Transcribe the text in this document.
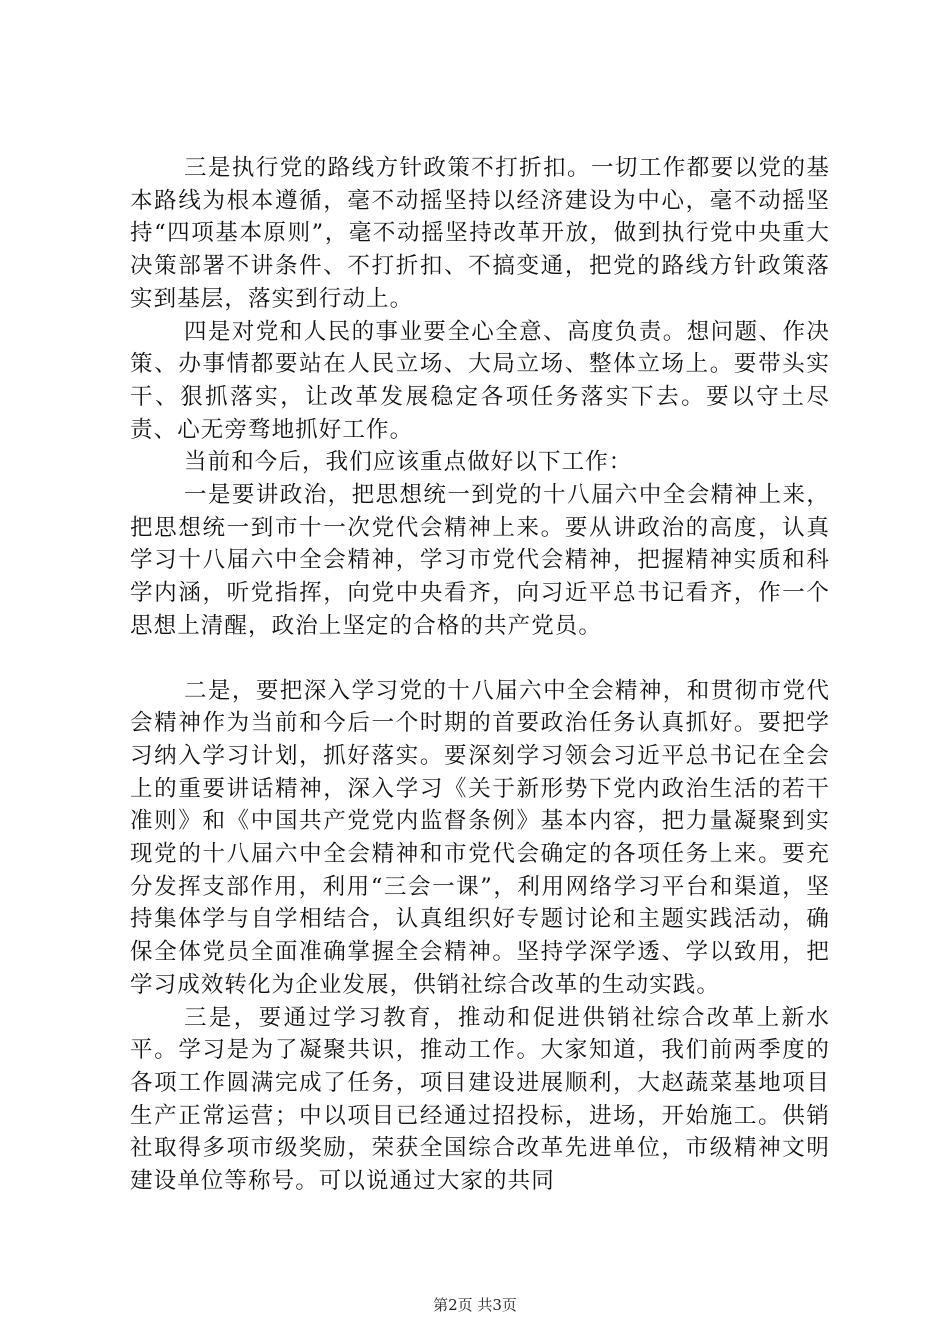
三是执行党的路线方针政策不打折扣。一切工作都要以党的基本路线为根本遵循，毫不动摇坚持以经济建设为中心，毫不动摇坚持“四项基本原则”，毫不动摇坚持改革开放，做到执行党中央重大决策部署不讲条件、不打折扣、不搞变通，把党的路线方针政策落实到基层，落实到行动上。

四是对党和人民的事业要全心全意、高度负责。想问题、作决策、办事情都要站在人民立场、大局立场、整体立场上。要带头实干、狠抓落实，让改革发展稳定各项任务落实下去。要以守土尽责、心无旁骛地抓好工作。

当前和今后，我们应该重点做好以下工作：

一是要讲政治，把思想统一到党的十八届六中全会精神上来，把思想统一到市十一次党代会精神上来。要从讲政治的高度，认真学习十八届六中全会精神，学习市党代会精神，把握精神实质和科学内涵，听党指挥，向党中央看齐，向习近平总书记看齐，作一个思想上清醒，政治上坚定的合格的共产党员。

二是，要把深入学习党的十八届六中全会精神，和贯彻市党代会精神作为当前和今后一个时期的首要政治任务认真抓好。要把学习纳入学习计划，抓好落实。要深刻学习领会习近平总书记在全会上的重要讲话精神，深入学习《关于新形势下党内政治生活的若干准则》和《中国共产党党内监督条例》基本内容，把力量凝聚到实现党的十八届六中全会精神和市党代会确定的各项任务上来。要充分发挥支部作用，利用“三会一课”，利用网络学习平台和渠道，坚持集体学与自学相结合，认真组织好专题讨论和主题实践活动，确保全体党员全面准确掌握全会精神。坚持学深学透、学以致用，把学习成效转化为企业发展，供销社综合改革的生动实践。

三是，要通过学习教育，推动和促进供销社综合改革上新水平。学习是为了凝聚共识，推动工作。大家知道，我们前两季度的各项工作圆满完成了任务，项目建设进展顺利，大赵蔬菜基地项目生产正常运营；中以项目已经通过招投标，进场，开始施工。供销社取得多项市级奖励，荣获全国综合改革先进单位，市级精神文明建设单位等称号。可以说通过大家的共同

第2页 共3页
